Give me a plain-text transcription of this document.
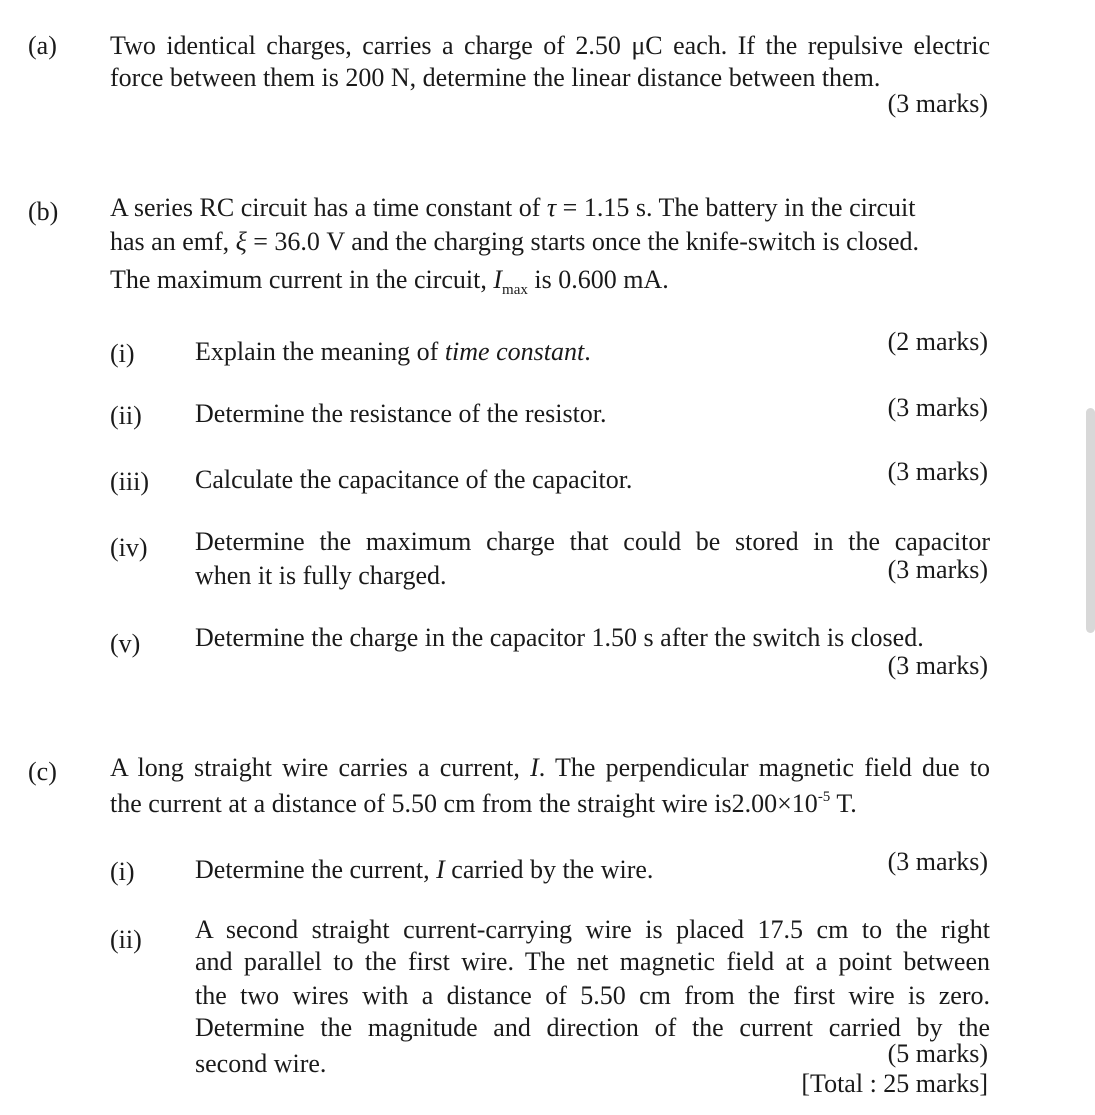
(a) Two identical charges, carries a charge of 2.50 μC each. If the repulsive electric
force between them is 200 N, determine the linear distance between them.
(3 marks)
(b) A series RC circuit has a time constant of τ = 1.15 s. The battery in the circuit
has an emf, ξ = 36.0 V and the charging starts once the knife-switch is closed.
The maximum current in the circuit, $I_{max}$ is 0.600 mA.
(i) Explain the meaning of time constant.	(2 marks)
(ii) Determine the resistance of the resistor.	(3 marks)
(iii) Calculate the capacitance of the capacitor.	(3 marks)
(iv) Determine the maximum charge that could be stored in the capacitor
when it is fully charged.	(3 marks)
(v) Determine the charge in the capacitor 1.50 s after the switch is closed.
(3 marks)
(c) A long straight wire carries a current, I. The perpendicular magnetic field due to
the current at a distance of 5.50 cm from the straight wire $is2.00\times 10^{-5}$ T.
(i) Determine the current, I carried by the wire.	(3 marks)
(ii) A second straight current-carrying wire is placed 17.5 cm to the right
and parallel to the first wire. The net magnetic field at a point between
the two wires with a distance of 5.50 cm from the first wire is zero.
Determine the magnitude and direction of the current carried by the
second wire.	(5 marks)
[Total : 25 marks]
